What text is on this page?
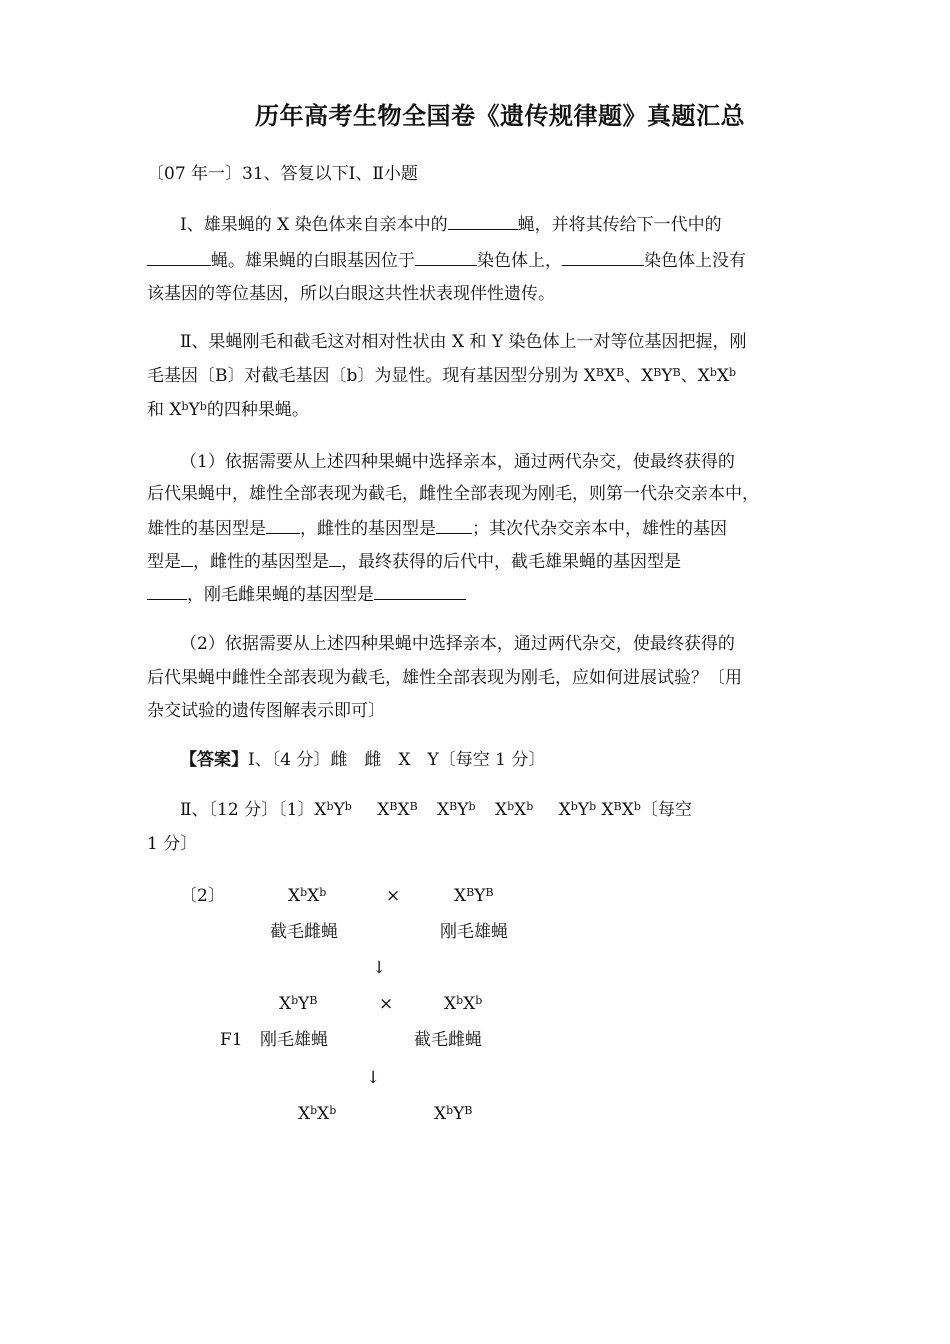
历年高考生物全国卷《遗传规律题》真题汇总
〔07 年一〕31、答复以下Ⅰ、Ⅱ小题
Ⅰ、雄果蝇的 X 染色体来自亲本中的	蝇，并将其传给下一代中的
蝇。雄果蝇的白眼基因位于	染色体上，	染色体上没有
该基因的等位基因，所以白眼这共性状表现伴性遗传。
Ⅱ、果蝇刚毛和截毛这对相对性状由 X 和 Y 染色体上一对等位基因把握，刚
毛基因〔B〕对截毛基因〔b〕为显性。现有基因型分别为 $X^BX^B$、$X^BY^B$、$X^bX^b$
和 $X^bY^b$的四种果蝇。
（1）依据需要从上述四种果蝇中选择亲本，通过两代杂交，使最终获得的
后代果蝇中，雄性全部表现为截毛，雌性全部表现为刚毛，则第一代杂交亲本中，
雄性的基因型是 ，雌性的基因型是 ；其次代杂交亲本中，雄性的基因
型是 ，雌性的基因型是 ，最终获得的后代中，截毛雄果蝇的基因型是
，刚毛雌果蝇的基因型是
（2）依据需要从上述四种果蝇中选择亲本，通过两代杂交，使最终获得的
后代果蝇中雌性全部表现为截毛，雄性全部表现为刚毛，应如何进展试验？〔用
杂交试验的遗传图解表示即可〕
【答案】Ⅰ、〔4 分〕雌　雌　X　Y〔每空 1 分〕
Ⅱ、〔12 分〕〔1〕$X^bY^b$ $X^BX^B$ $X^BY^b$ $X^bX^b$ $X^bY^b$ $X^BX^b$〔每空
1 分〕
〔2〕	$X^bX^b$	×	$X^BY^B$
截毛雌蝇	刚毛雄蝇
↓
$X^bY^B$	×	$X^bX^b$
F1 刚毛雄蝇	截毛雌蝇
↓
$X^bX^b$	$X^bY^B$
